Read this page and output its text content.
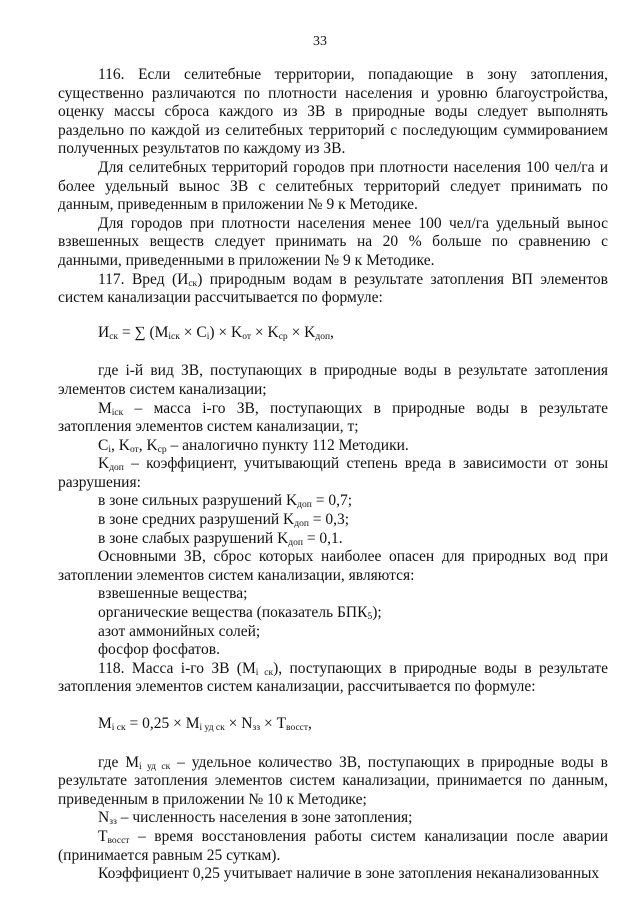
33

116. Если селитебные территории, попадающие в зону затопления, существенно различаются по плотности населения и уровню благоустройства, оценку массы сброса каждого из ЗВ в природные воды следует выполнять раздельно по каждой из селитебных территорий с последующим суммированием полученных результатов по каждому из ЗВ.

Для селитебных территорий городов при плотности населения 100 чел/га и более удельный вынос ЗВ с селитебных территорий следует принимать по данным, приведенным в приложении № 9 к Методике.

Для городов при плотности населения менее 100 чел/га удельный вынос взвешенных веществ следует принимать на 20 % больше по сравнению с данными, приведенными в приложении № 9 к Методике.

117. Вред $(И_{ск})$ природным водам в результате затопления ВП элементов систем канализации рассчитывается по формуле:

$И_{ск}$ = ∑ $(M_{iск} \times C_i) \times K_{от} \times K_{ср} \times K_{доп}$,

где i-й вид ЗВ, поступающих в природные воды в результате затопления элементов систем канализации;

$M_{iск}$ – масса i-го ЗВ, поступающих в природные воды в результате затопления элементов систем канализации, т;

$C_i$, $K_{от}$, $K_{ср}$ – аналогично пункту 112 Методики.

$K_{доп}$ – коэффициент, учитывающий степень вреда в зависимости от зоны разрушения:

в зоне сильных разрушений $K_{доп} = 0,7$;

в зоне средних разрушений $K_{доп} = 0,3$;

в зоне слабых разрушений $K_{доп} = 0,1$.

Основными ЗВ, сброс которых наиболее опасен для природных вод при затоплении элементов систем канализации, являются:

взвешенные вещества;

органические вещества (показатель $БПК_5$);

азот аммонийных солей;

фосфор фосфатов.

118. Масса i-го ЗВ $(M_{i ск})$, поступающих в природные воды в результате затопления элементов систем канализации, рассчитывается по формуле:

$M_{i ск} = 0,25 \times M_{i уд ск} \times N_{зз} \times T_{восст}$,

где $M_{i уд ск}$ – удельное количество ЗВ, поступающих в природные воды в результате затопления элементов систем канализации, принимается по данным, приведенным в приложении № 10 к Методике;

$N_{зз}$ – численность населения в зоне затопления;

$T_{восст}$ – время восстановления работы систем канализации после аварии (принимается равным 25 суткам).

Коэффициент 0,25 учитывает наличие в зоне затопления неканализованных
